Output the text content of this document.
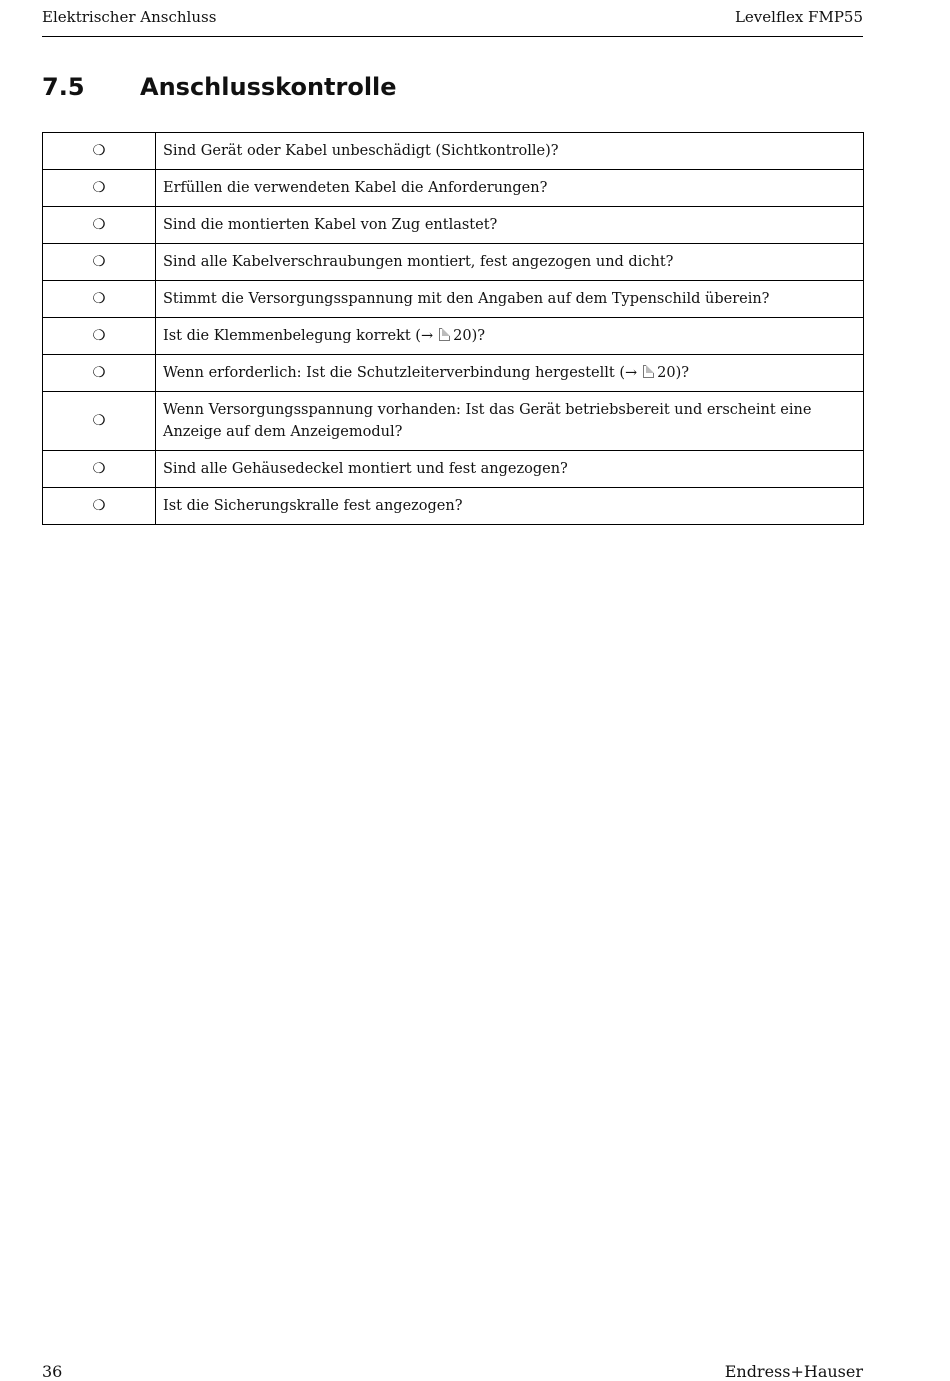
Elektrischer Anschluss	Levelflex FMP55
7.5 Anschlusskontrolle
❍	Sind Gerät oder Kabel unbeschädigt (Sichtkontrolle)?
❍	Erfüllen die verwendeten Kabel die Anforderungen?
❍	Sind die montierten Kabel von Zug entlastet?
❍	Sind alle Kabelverschraubungen montiert, fest angezogen und dicht?
❍	Stimmt die Versorgungsspannung mit den Angaben auf dem Typenschild überein?
❍	Ist die Klemmenbelegung korrekt (→ 20)?
❍	Wenn erforderlich: Ist die Schutzleiterverbindung hergestellt (→ 20)?
❍	Wenn Versorgungsspannung vorhanden: Ist das Gerät betriebsbereit und erscheint eine Anzeige auf dem Anzeigemodul?
❍	Sind alle Gehäusedeckel montiert und fest angezogen?
❍	Ist die Sicherungskralle fest angezogen?
36	Endress+Hauser
